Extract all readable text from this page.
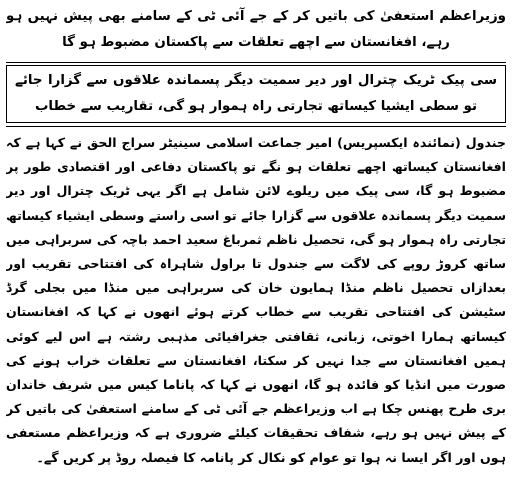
وزیراعظم استعفیٰ کی باتیں کر کے جے آئی ٹی کے سامنے بھی پیش نہیں ہو رہے، افغانستان سے اچھے تعلقات سے پاکستان مضبوط ہو گا

سی پیک ٹریک چترال اور دیر سمیت دیگر پسماندہ علاقوں سے گزارا جائے تو سطی ایشیا کیساتھ تجارتی راہ ہموار ہو گی، تقاریب سے خطاب

جندول (نمائندہ ایکسپریس) امیر جماعت اسلامی سینیٹر سراج الحق نے کہا ہے کہ افغانستان کیساتھ اچھے تعلقات ہو نگے تو پاکستان دفاعی اور اقتصادی طور پر مضبوط ہو گا، سی پیک میں ریلوے لائن شامل ہے اگر یہی ٹریک چترال اور دیر سمیت دیگر پسماندہ علاقوں سے گزارا جائے تو اسی راستے وسطی ایشیاء کیساتھ تجارتی راہ ہموار ہو گی، تحصیل ناظم ثمرباغ سعید احمد باچہ کی سربراہی میں ساتھ کروڑ روپے کی لاگت سے جندول تا براول شاہراہ کی افتتاحی تقریب اور بعدازاں تحصیل ناظم منڈا ہمایون خان کی سربراہی میں منڈا میں بجلی گرڈ سٹیشن کی افتتاحی تقریب سے خطاب کرتے ہوئے انھوں نے کہا کہ افغانستان کیساتھ ہمارا اخوتی، زبانی، ثقافتی جغرافیائی مذہبی رشتہ ہے اس لیے کوئی ہمیں افغانستان سے جدا نہیں کر سکتا، افغانستان سے تعلقات خراب ہونے کی صورت میں انڈیا کو فائدہ ہو گا، انھوں نے کہا کہ پاناما کیس میں شریف خاندان بری طرح پھنس چکا ہے اب وزیراعظم جے آئی ٹی کے سامنے استعفیٰ کی باتیں کر کے پیش نہیں ہو رہے، شفاف تحقیقات کیلئے ضروری ہے کہ وزیراعظم مستعفی ہوں اور اگر ایسا نہ ہوا تو عوام کو نکال کر پانامہ کا فیصلہ روڈ پر کریں گے۔
